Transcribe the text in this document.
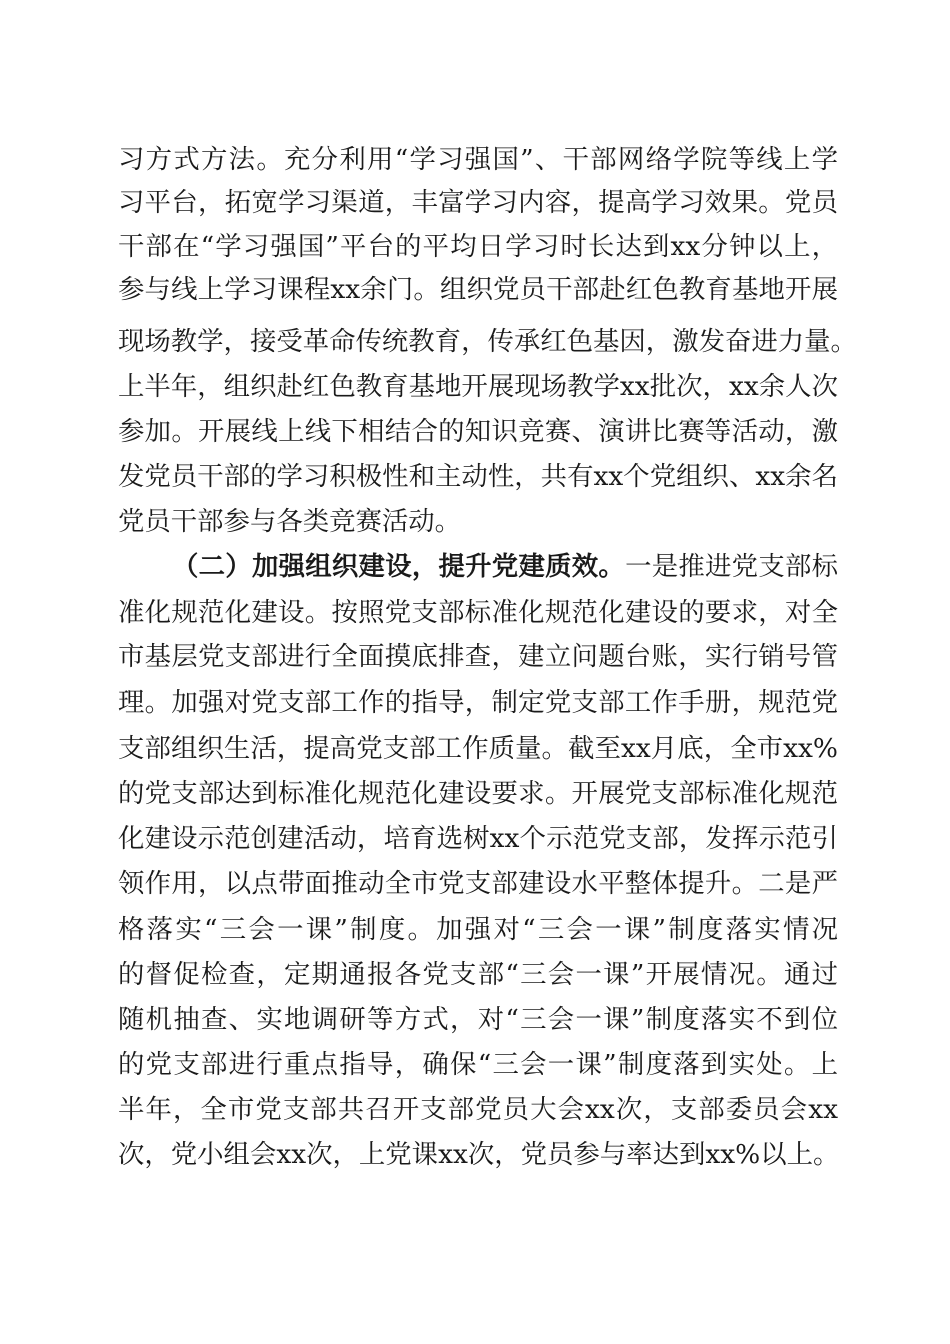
习方式方法。充分利用“学习强国”、干部网络学院等线上学

习平台，拓宽学习渠道，丰富学习内容，提高学习效果。党员

干部在“学习强国”平台的平均日学习时长达到xx分钟以上，

参与线上学习课程xx余门。组织党员干部赴红色教育基地开展

现场教学，接受革命传统教育，传承红色基因，激发奋进力量。

上半年，组织赴红色教育基地开展现场教学xx批次，xx余人次

参加。开展线上线下相结合的知识竞赛、演讲比赛等活动，激

发党员干部的学习积极性和主动性，共有xx个党组织、xx余名

党员干部参与各类竞赛活动。

（二）加强组织建设，提升党建质效。一是推进党支部标

准化规范化建设。按照党支部标准化规范化建设的要求，对全

市基层党支部进行全面摸底排查，建立问题台账，实行销号管

理。加强对党支部工作的指导，制定党支部工作手册，规范党

支部组织生活，提高党支部工作质量。截至xx月底，全市xx%

的党支部达到标准化规范化建设要求。开展党支部标准化规范

化建设示范创建活动，培育选树xx个示范党支部，发挥示范引

领作用，以点带面推动全市党支部建设水平整体提升。二是严

格落实“三会一课”制度。加强对“三会一课”制度落实情况

的督促检查，定期通报各党支部“三会一课”开展情况。通过

随机抽查、实地调研等方式，对“三会一课”制度落实不到位

的党支部进行重点指导，确保“三会一课”制度落到实处。上

半年，全市党支部共召开支部党员大会xx次，支部委员会xx

次，党小组会xx次，上党课xx次，党员参与率达到xx%以上。
